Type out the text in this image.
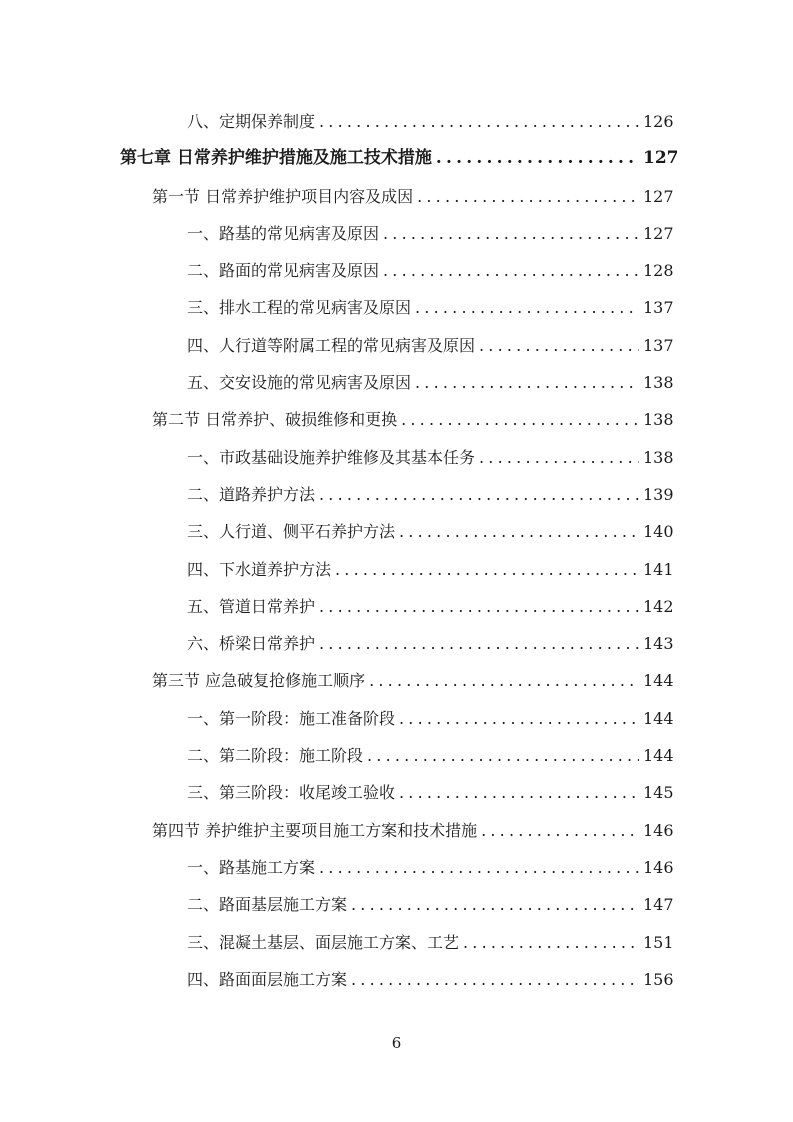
八、定期保养制度 .....	126
第七章 日常养护维护措施及施工技术措施 .....	127
第一节 日常养护维护项目内容及成因 .....	127
一、路基的常见病害及原因 .....	127
二、路面的常见病害及原因 .....	128
三、排水工程的常见病害及原因 .....	137
四、人行道等附属工程的常见病害及原因 .....	137
五、交安设施的常见病害及原因 .....	138
第二节 日常养护、破损维修和更换 .....	138
一、市政基础设施养护维修及其基本任务 .....	138
二、道路养护方法 .....	139
三、人行道、侧平石养护方法 .....	140
四、下水道养护方法 .....	141
五、管道日常养护 .....	142
六、桥梁日常养护 .....	143
第三节 应急破复抢修施工顺序 .....	144
一、第一阶段：施工准备阶段 .....	144
二、第二阶段：施工阶段 .....	144
三、第三阶段：收尾竣工验收 .....	145
第四节 养护维护主要项目施工方案和技术措施 .....	146
一、路基施工方案 .....	146
二、路面基层施工方案 .....	147
三、混凝土基层、面层施工方案、工艺 .....	151
四、路面面层施工方案 .....	156
6
